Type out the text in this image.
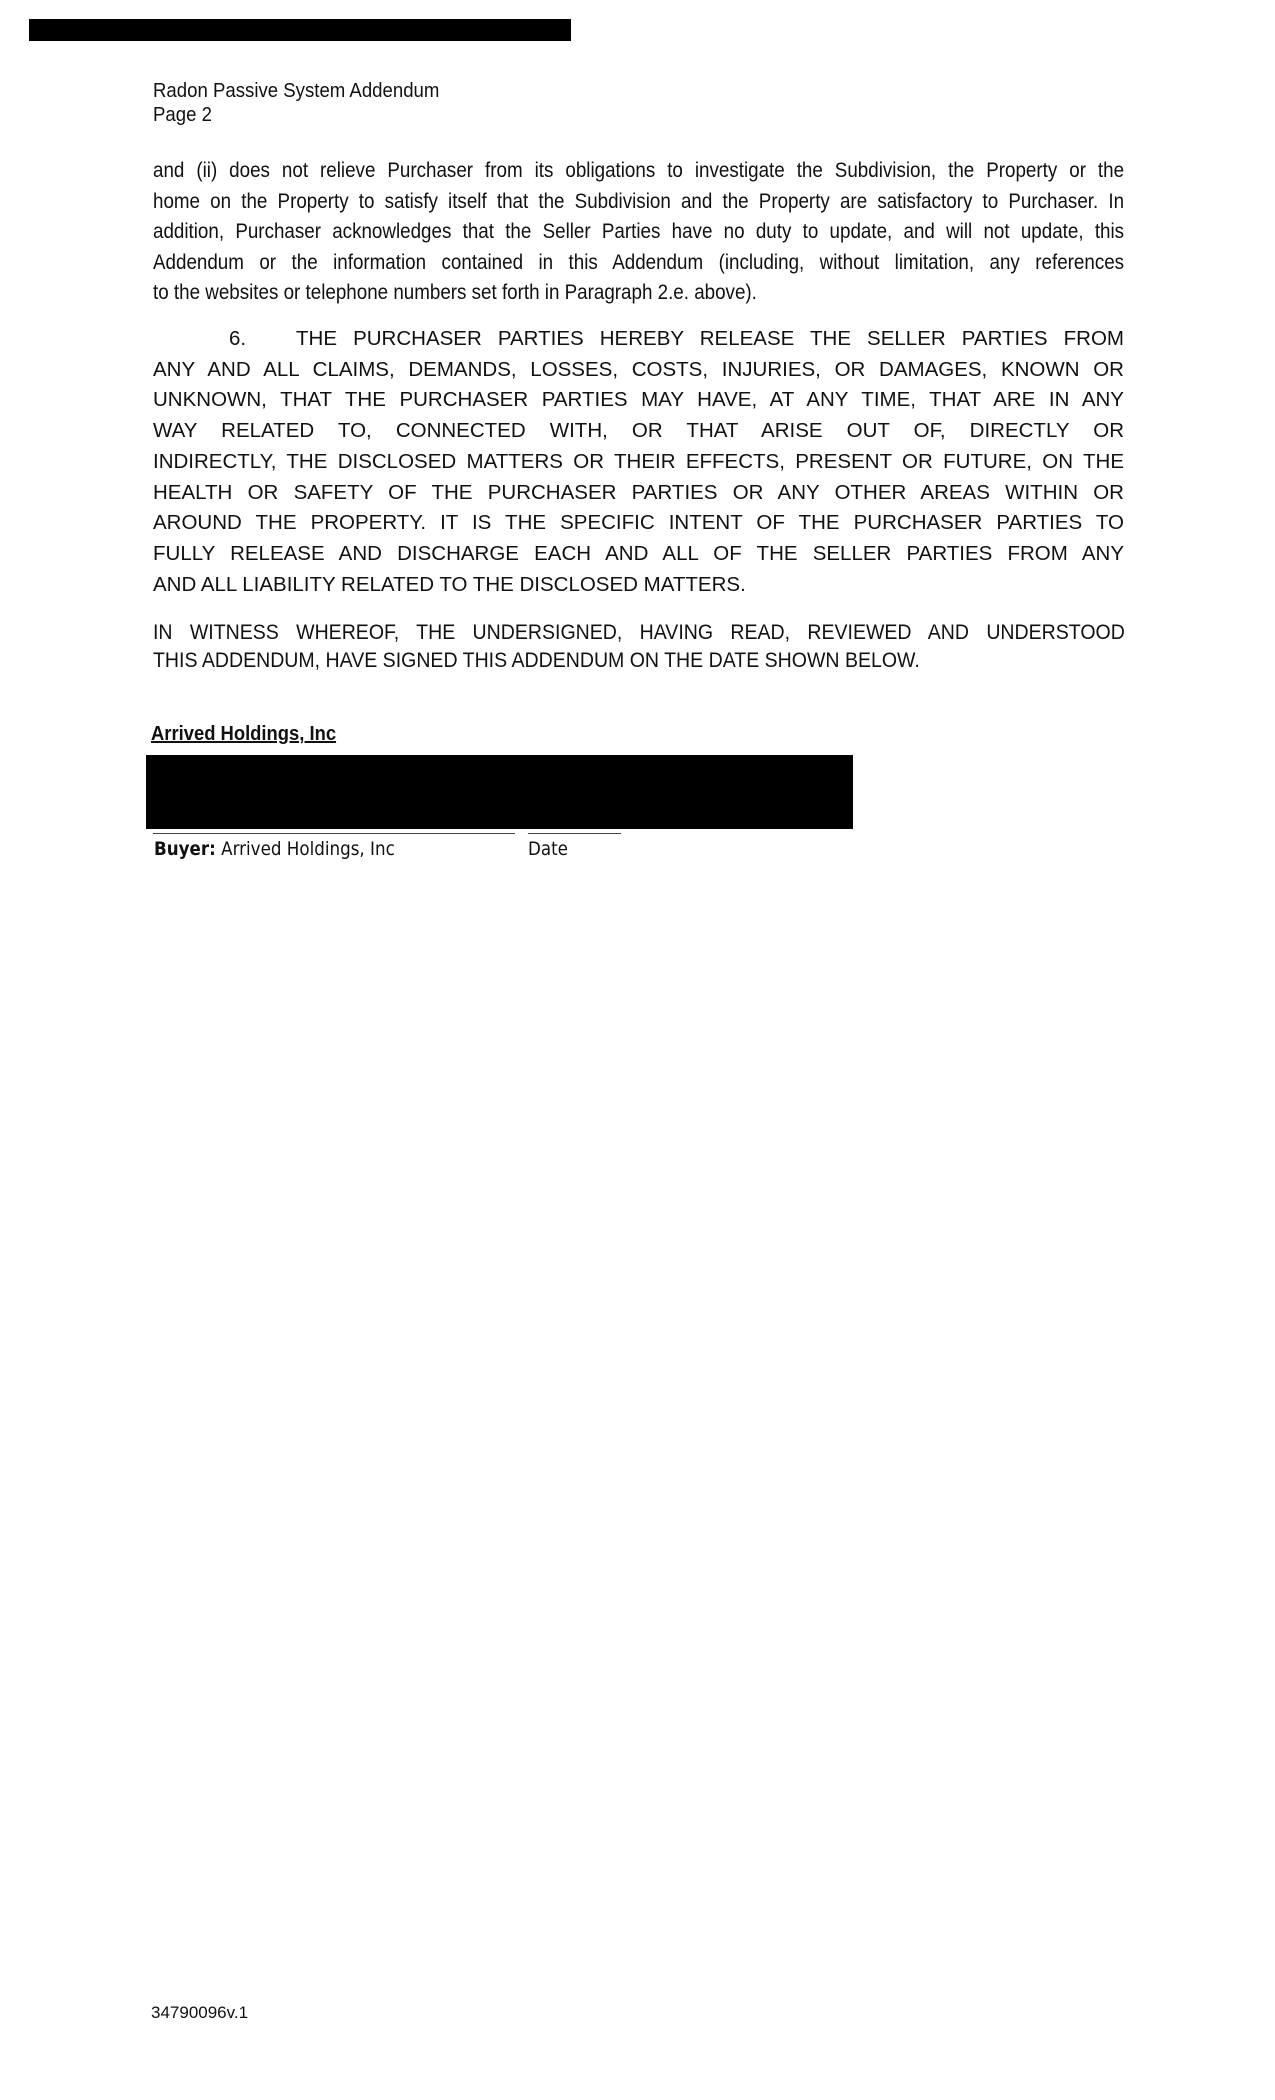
Radon Passive System Addendum
Page 2
and (ii) does not relieve Purchaser from its obligations to investigate the Subdivision, the Property or the
home on the Property to satisfy itself that the Subdivision and the Property are satisfactory to Purchaser. In
addition, Purchaser acknowledges that the Seller Parties have no duty to update, and will not update, this
Addendum or the information contained in this Addendum (including, without limitation, any references
to the websites or telephone numbers set forth in Paragraph 2.e. above).
6.	THE PURCHASER PARTIES HEREBY RELEASE THE SELLER PARTIES FROM
ANY AND ALL CLAIMS, DEMANDS, LOSSES, COSTS, INJURIES, OR DAMAGES, KNOWN OR
UNKNOWN, THAT THE PURCHASER PARTIES MAY HAVE, AT ANY TIME, THAT ARE IN ANY
WAY RELATED TO, CONNECTED WITH, OR THAT ARISE OUT OF, DIRECTLY OR
INDIRECTLY, THE DISCLOSED MATTERS OR THEIR EFFECTS, PRESENT OR FUTURE, ON THE
HEALTH OR SAFETY OF THE PURCHASER PARTIES OR ANY OTHER AREAS WITHIN OR
AROUND THE PROPERTY. IT IS THE SPECIFIC INTENT OF THE PURCHASER PARTIES TO
FULLY RELEASE AND DISCHARGE EACH AND ALL OF THE SELLER PARTIES FROM ANY
AND ALL LIABILITY RELATED TO THE DISCLOSED MATTERS.
IN WITNESS WHEREOF, THE UNDERSIGNED, HAVING READ, REVIEWED AND UNDERSTOOD
THIS ADDENDUM, HAVE SIGNED THIS ADDENDUM ON THE DATE SHOWN BELOW.
Arrived Holdings, Inc
Buyer: Arrived Holdings, Inc	Date
34790096v.1
